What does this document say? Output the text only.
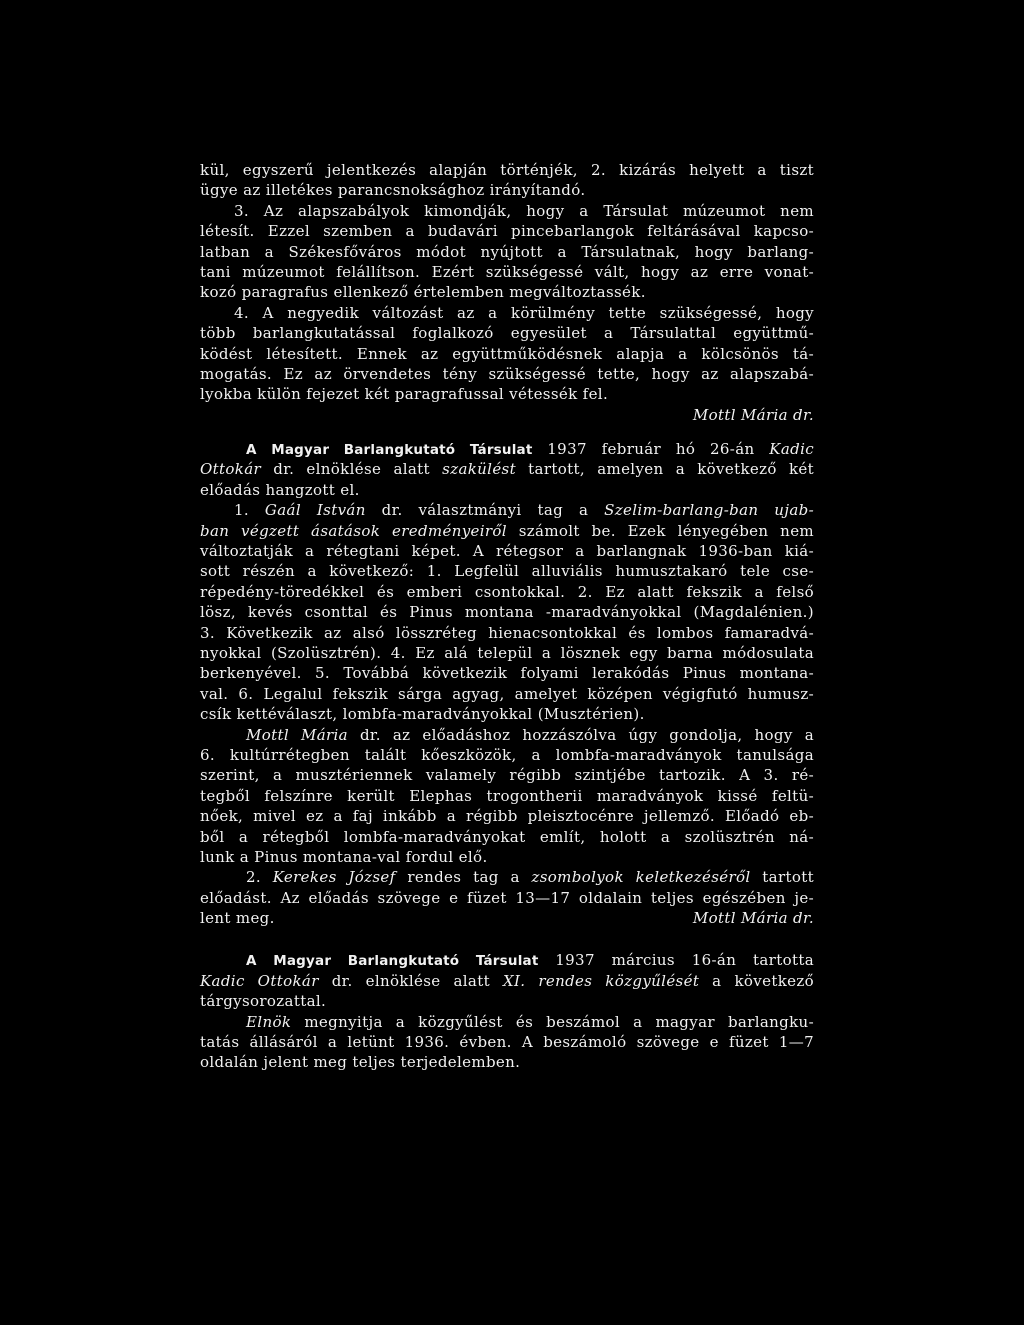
kül, egyszerű jelentkezés alapján történjék, 2. kizárás helyett a tiszt
ügye az illetékes parancsnoksághoz irányítandó.
3. Az alapszabályok kimondják, hogy a Társulat múzeumot nem
létesít. Ezzel szemben a budavári pincebarlangok feltárásával kapcso-
latban a Székesfőváros módot nyújtott a Társulatnak, hogy barlang-
tani múzeumot felállítson. Ezért szükségessé vált, hogy az erre vonat-
kozó paragrafus ellenkező értelemben megváltoztassék.
4. A negyedik változást az a körülmény tette szükségessé, hogy
több barlangkutatással foglalkozó egyesület a Társulattal együttmű-
ködést létesített. Ennek az együttműködésnek alapja a kölcsönös tá-
mogatás. Ez az örvendetes tény szükségessé tette, hogy az alapszabá-
lyokba külön fejezet két paragrafussal vétessék fel.
Mottl Mária dr.
A Magyar Barlangkutató Társulat 1937 február hó 26-án Kadic
Ottokár dr. elnöklése alatt szakülést tartott, amelyen a következő két
előadás hangzott el.
1. Gaál István dr. választmányi tag a Szelim-barlang-ban ujab-
ban végzett ásatások eredményeiről számolt be. Ezek lényegében nem
változtatják a rétegtani képet. A rétegsor a barlangnak 1936-ban kiá-
sott részén a következő: 1. Legfelül alluviális humusztakaró tele cse-
répedény-töredékkel és emberi csontokkal. 2. Ez alatt fekszik a felső
lösz, kevés csonttal és Pinus montana -maradványokkal (Magdalénien.)
3. Következik az alsó lösszréteg hienacsontokkal és lombos famaradvá-
nyokkal (Szolüsztrén). 4. Ez alá települ a lösznek egy barna módosulata
berkenyével. 5. Továbbá következik folyami lerakódás Pinus montana-
val. 6. Legalul fekszik sárga agyag, amelyet középen végigfutó humusz-
csík kettéválaszt, lombfa-maradványokkal (Musztérien).
Mottl Mária dr. az előadáshoz hozzászólva úgy gondolja, hogy a
6. kultúrrétegben talált kőeszközök, a lombfa-maradványok tanulsága
szerint, a musztériennek valamely régibb szintjébe tartozik. A 3. ré-
tegből felszínre került Elephas trogontherii maradványok kissé feltü-
nőek, mivel ez a faj inkább a régibb pleisztocénre jellemző. Előadó eb-
ből a rétegből lombfa-maradványokat említ, holott a szolüsztrén ná-
lunk a Pinus montana-val fordul elő.
2. Kerekes József rendes tag a zsombolyok keletkezéséről tartott
előadást. Az előadás szövege e füzet 13—17 oldalain teljes egészében je-
lent meg.	Mottl Mária dr.
A Magyar Barlangkutató Társulat 1937 március 16-án tartotta
Kadic Ottokár dr. elnöklése alatt XI. rendes közgyűlését a következő
tárgysorozattal.
Elnök megnyitja a közgyűlést és beszámol a magyar barlangku-
tatás állásáról a letünt 1936. évben. A beszámoló szövege e füzet 1—7
oldalán jelent meg teljes terjedelemben.
